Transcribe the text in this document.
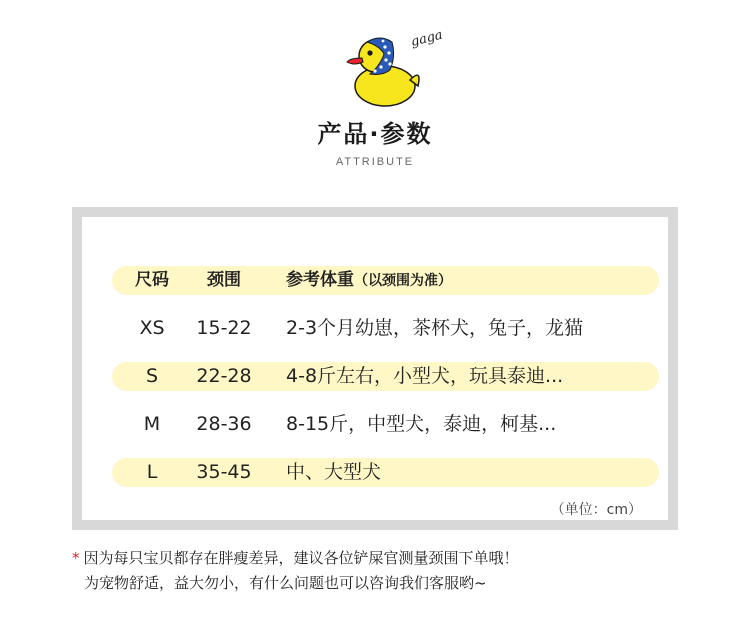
gaga
产品·参数
ATTRIBUTE
尺码	颈围	参考体重（以颈围为准）
XS	15-22	2-3个月幼崽，茶杯犬，兔子，龙猫
S	22-28	4-8斤左右，小型犬，玩具泰迪...
M	28-36	8-15斤，中型犬，泰迪，柯基...
L	35-45	中、大型犬
（单位：cm）
* 因为每只宝贝都存在胖瘦差异，建议各位铲屎官测量颈围下单哦！
为宠物舒适，益大勿小，有什么问题也可以咨询我们客服哟~
